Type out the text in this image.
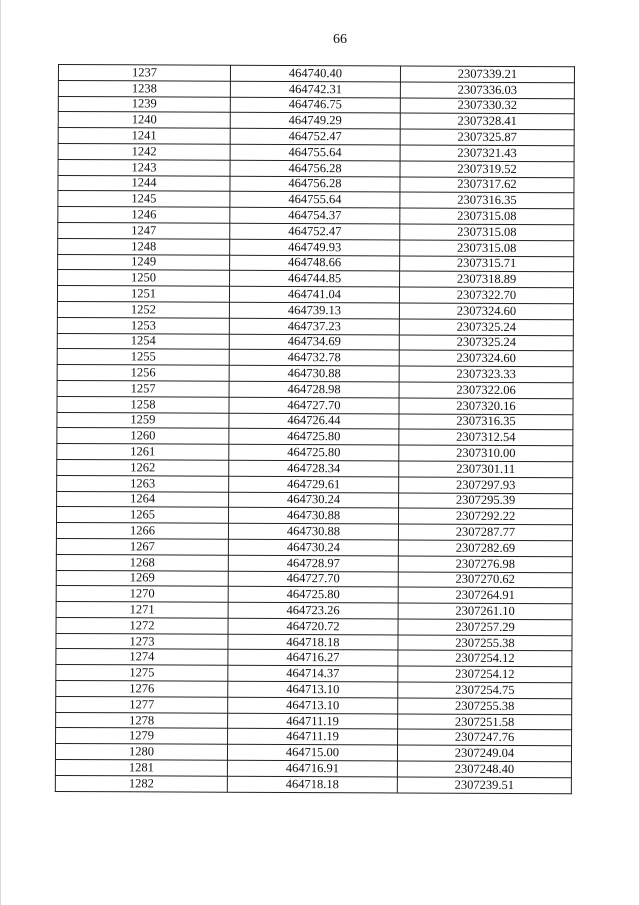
66
1237	464740.40	2307339.21
1238	464742.31	2307336.03
1239	464746.75	2307330.32
1240	464749.29	2307328.41
1241	464752.47	2307325.87
1242	464755.64	2307321.43
1243	464756.28	2307319.52
1244	464756.28	2307317.62
1245	464755.64	2307316.35
1246	464754.37	2307315.08
1247	464752.47	2307315.08
1248	464749.93	2307315.08
1249	464748.66	2307315.71
1250	464744.85	2307318.89
1251	464741.04	2307322.70
1252	464739.13	2307324.60
1253	464737.23	2307325.24
1254	464734.69	2307325.24
1255	464732.78	2307324.60
1256	464730.88	2307323.33
1257	464728.98	2307322.06
1258	464727.70	2307320.16
1259	464726.44	2307316.35
1260	464725.80	2307312.54
1261	464725.80	2307310.00
1262	464728.34	2307301.11
1263	464729.61	2307297.93
1264	464730.24	2307295.39
1265	464730.88	2307292.22
1266	464730.88	2307287.77
1267	464730.24	2307282.69
1268	464728.97	2307276.98
1269	464727.70	2307270.62
1270	464725.80	2307264.91
1271	464723.26	2307261.10
1272	464720.72	2307257.29
1273	464718.18	2307255.38
1274	464716.27	2307254.12
1275	464714.37	2307254.12
1276	464713.10	2307254.75
1277	464713.10	2307255.38
1278	464711.19	2307251.58
1279	464711.19	2307247.76
1280	464715.00	2307249.04
1281	464716.91	2307248.40
1282	464718.18	2307239.51
